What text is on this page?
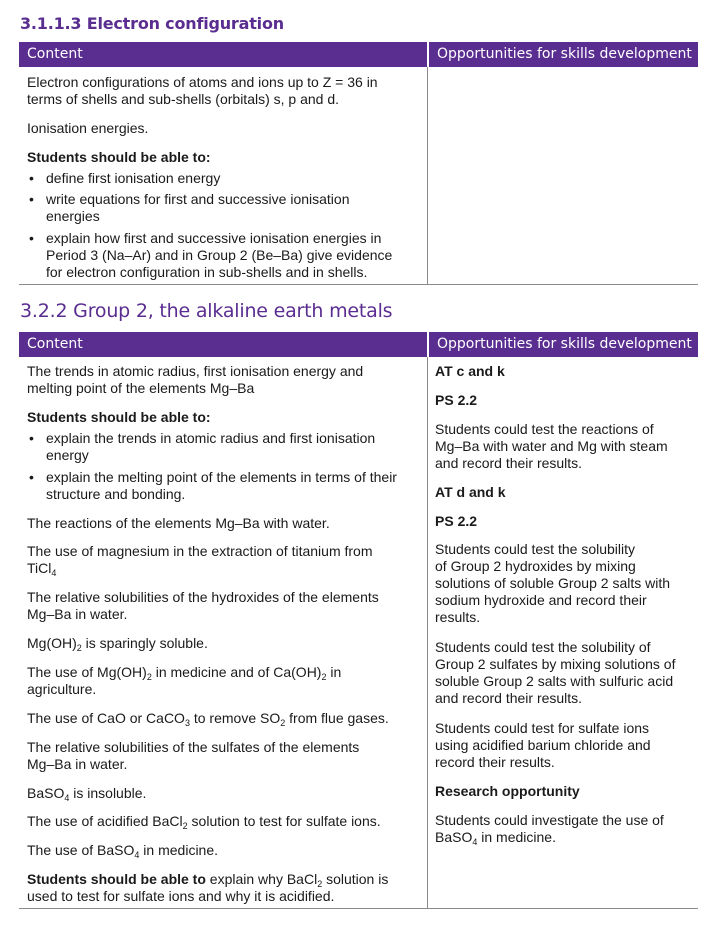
3.1.1.3 Electron configuration
Content	Opportunities for skills development
Electron configurations of atoms and ions up to Z = 36 in
terms of shells and sub-shells (orbitals) s, p and d.
Ionisation energies.
Students should be able to:
• define first ionisation energy
• write equations for first and successive ionisation
energies
• explain how first and successive ionisation energies in
Period 3 (Na–Ar) and in Group 2 (Be–Ba) give evidence
for electron configuration in sub-shells and in shells.
3.2.2 Group 2, the alkaline earth metals
Content	Opportunities for skills development
The trends in atomic radius, first ionisation energy and
melting point of the elements Mg–Ba
Students should be able to:
• explain the trends in atomic radius and first ionisation
energy
• explain the melting point of the elements in terms of their
structure and bonding.
The reactions of the elements Mg–Ba with water.
The use of magnesium in the extraction of titanium from
TiCl$_4$
The relative solubilities of the hydroxides of the elements
Mg–Ba in water.
$Mg(OH)_2$ is sparingly soluble.
The use of $Mg(OH)_2$ in medicine and of $Ca(OH)_2$ in
agriculture.
The use of CaO or CaCO$_3$ to remove $SO_2$ from flue gases.
The relative solubilities of the sulfates of the elements
Mg–Ba in water.
BaSO$_4$ is insoluble.
The use of acidified BaCl$_2$ solution to test for sulfate ions.
The use of BaSO$_4$ in medicine.
Students should be able to explain why BaCl$_2$ solution is
used to test for sulfate ions and why it is acidified.
AT c and k
PS 2.2
Students could test the reactions of
Mg–Ba with water and Mg with steam
and record their results.
AT d and k
PS 2.2
Students could test the solubility
of Group 2 hydroxides by mixing
solutions of soluble Group 2 salts with
sodium hydroxide and record their
results.
Students could test the solubility of
Group 2 sulfates by mixing solutions of
soluble Group 2 salts with sulfuric acid
and record their results.
Students could test for sulfate ions
using acidified barium chloride and
record their results.
Research opportunity
Students could investigate the use of
BaSO$_4$ in medicine.
